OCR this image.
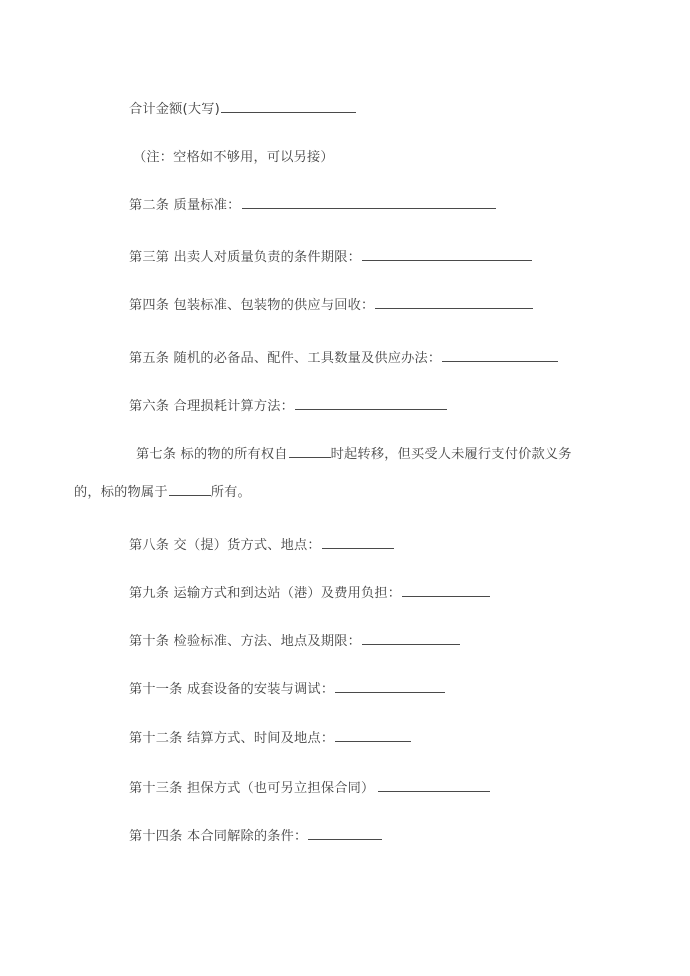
合计金额(大写)
（注：空格如不够用，可以另接）
第二条 质量标准：
第三第 出卖人对质量负责的条件期限：
第四条 包装标准、包装物的供应与回收：
第五条 随机的必备品、配件、工具数量及供应办法：
第六条 合理损耗计算方法：
第七条 标的物的所有权自	时起转移，但买受人未履行支付价款义务
的，标的物属于	所有。
第八条 交（提）货方式、地点：
第九条 运输方式和到达站（港）及费用负担：
第十条 检验标准、方法、地点及期限：
第十一条 成套设备的安装与调试：
第十二条 结算方式、时间及地点：
第十三条 担保方式（也可另立担保合同）
第十四条 本合同解除的条件：
